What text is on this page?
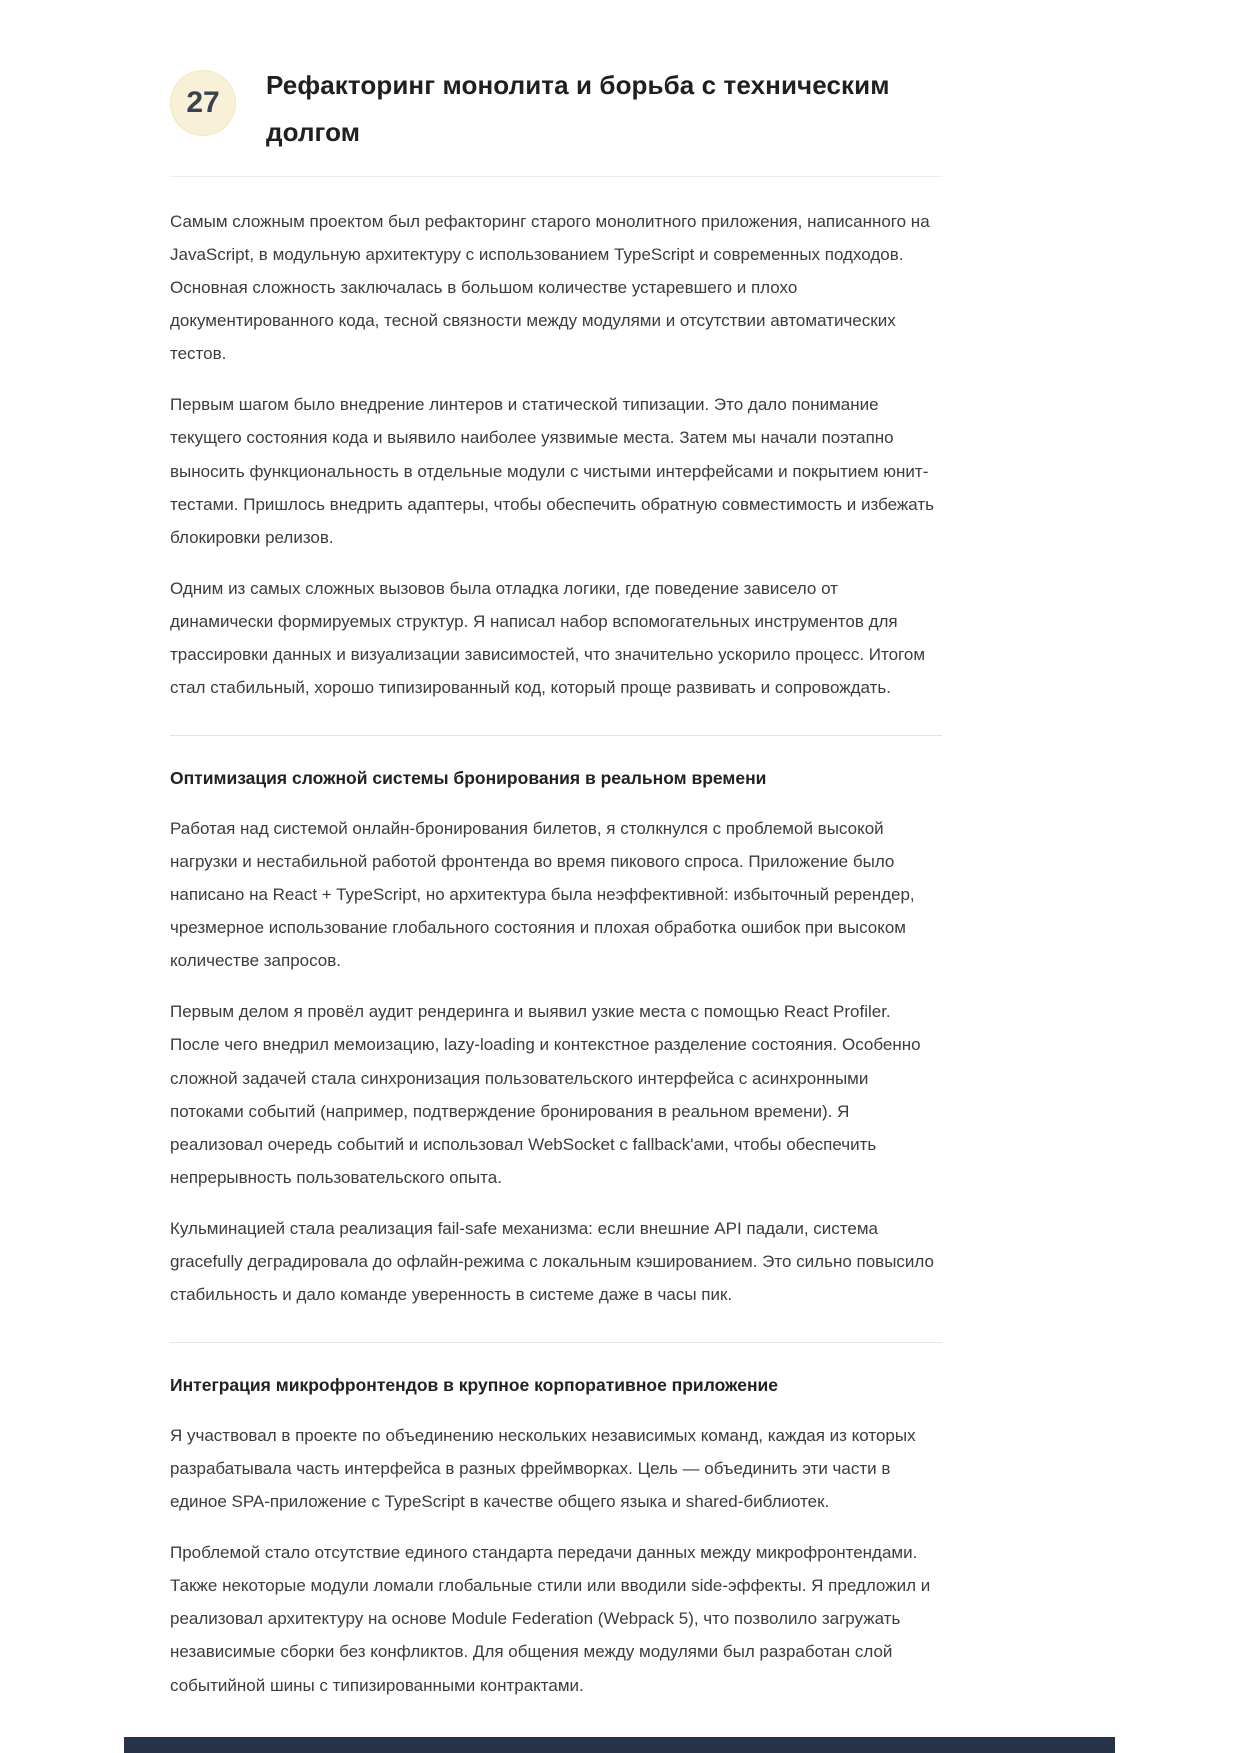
27
Рефакторинг монолита и борьба с техническим долгом

Самым сложным проектом был рефакторинг старого монолитного приложения, написанного на JavaScript, в модульную архитектуру с использованием TypeScript и современных подходов. Основная сложность заключалась в большом количестве устаревшего и плохо документированного кода, тесной связности между модулями и отсутствии автоматических тестов.

Первым шагом было внедрение линтеров и статической типизации. Это дало понимание текущего состояния кода и выявило наиболее уязвимые места. Затем мы начали поэтапно выносить функциональность в отдельные модули с чистыми интерфейсами и покрытием юнит-тестами. Пришлось внедрить адаптеры, чтобы обеспечить обратную совместимость и избежать блокировки релизов.

Одним из самых сложных вызовов была отладка логики, где поведение зависело от динамически формируемых структур. Я написал набор вспомогательных инструментов для трассировки данных и визуализации зависимостей, что значительно ускорило процесс. Итогом стал стабильный, хорошо типизированный код, который проще развивать и сопровождать.

Оптимизация сложной системы бронирования в реальном времени

Работая над системой онлайн-бронирования билетов, я столкнулся с проблемой высокой нагрузки и нестабильной работой фронтенда во время пикового спроса. Приложение было написано на React + TypeScript, но архитектура была неэффективной: избыточный ререндер, чрезмерное использование глобального состояния и плохая обработка ошибок при высоком количестве запросов.

Первым делом я провёл аудит рендеринга и выявил узкие места с помощью React Profiler. После чего внедрил мемоизацию, lazy-loading и контекстное разделение состояния. Особенно сложной задачей стала синхронизация пользовательского интерфейса с асинхронными потоками событий (например, подтверждение бронирования в реальном времени). Я реализовал очередь событий и использовал WebSocket с fallback'ами, чтобы обеспечить непрерывность пользовательского опыта.

Кульминацией стала реализация fail-safe механизма: если внешние API падали, система gracefully деградировала до офлайн-режима с локальным кэшированием. Это сильно повысило стабильность и дало команде уверенность в системе даже в часы пик.

Интеграция микрофронтендов в крупное корпоративное приложение

Я участвовал в проекте по объединению нескольких независимых команд, каждая из которых разрабатывала часть интерфейса в разных фреймворках. Цель — объединить эти части в единое SPA-приложение с TypeScript в качестве общего языка и shared-библиотек.

Проблемой стало отсутствие единого стандарта передачи данных между микрофронтендами. Также некоторые модули ломали глобальные стили или вводили side-эффекты. Я предложил и реализовал архитектуру на основе Module Federation (Webpack 5), что позволило загружать независимые сборки без конфликтов. Для общения между модулями был разработан слой событийной шины с типизированными контрактами.
